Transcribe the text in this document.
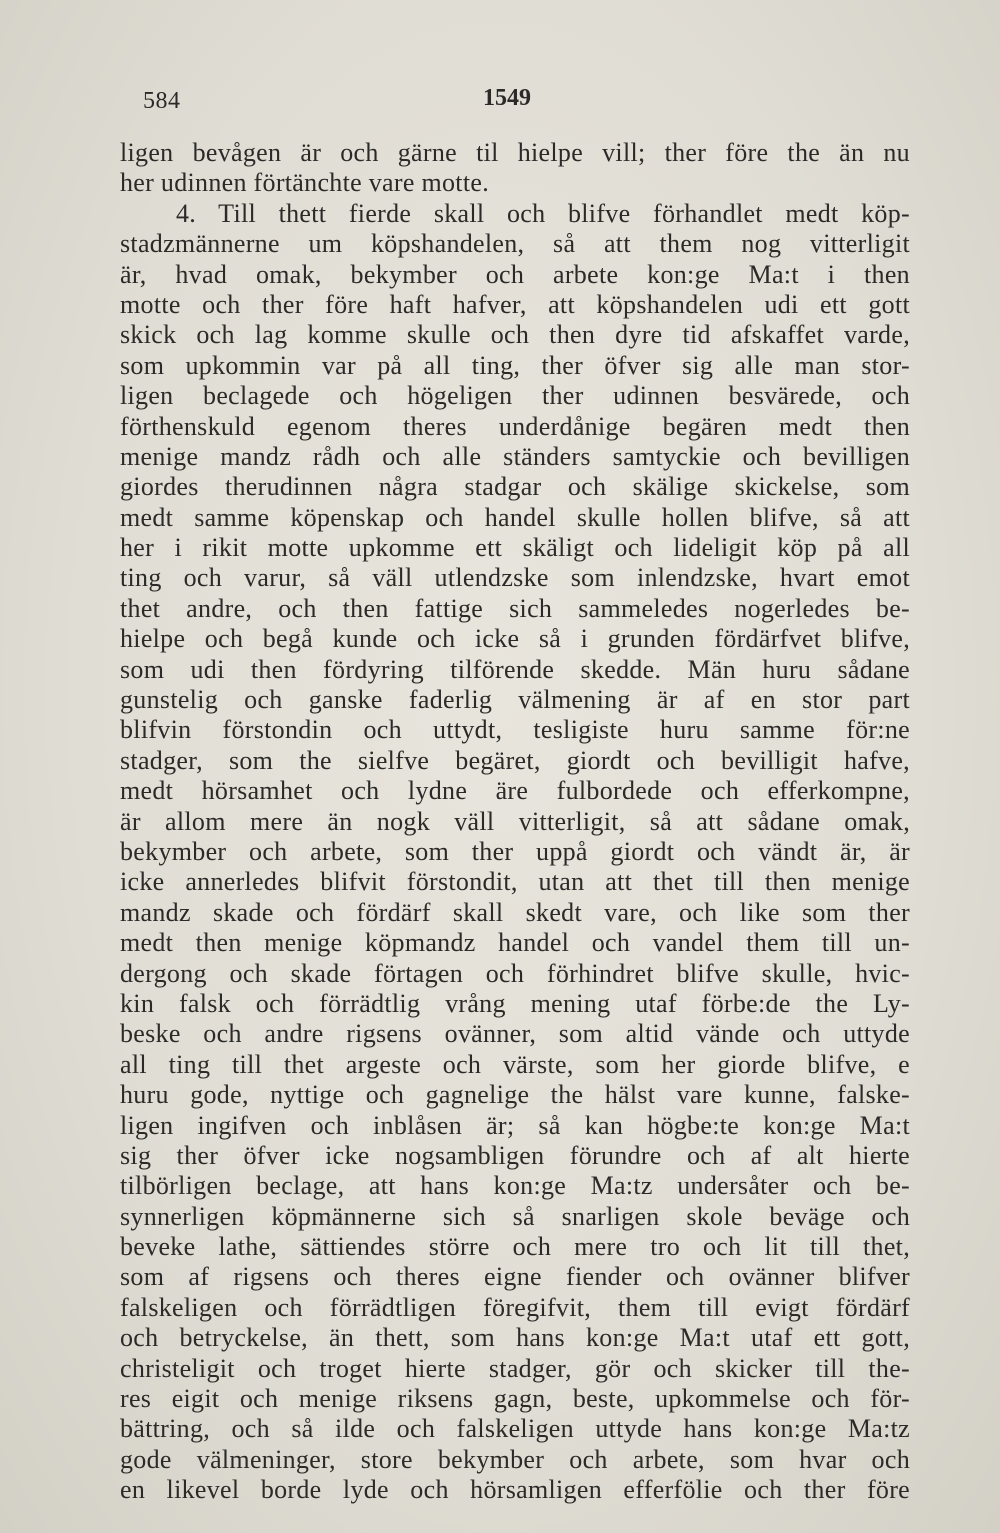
584	1549
ligen bevågen är och gärne til hielpe vill; ther före the än nu
her udinnen förtänchte vare motte.
4. Till thett fierde skall och blifve förhandlet medt köp-
stadzmännerne um köpshandelen, så att them nog vitterligit
är, hvad omak, bekymber och arbete kon:ge Ma:t i then
motte och ther före haft hafver, att köpshandelen udi ett gott
skick och lag komme skulle och then dyre tid afskaffet varde,
som upkommin var på all ting, ther öfver sig alle man stor-
ligen beclagede och högeligen ther udinnen besvärede, och
förthenskuld egenom theres underdånige begären medt then
menige mandz rådh och alle ständers samtyckie och bevilligen
giordes therudinnen några stadgar och skälige skickelse, som
medt samme köpenskap och handel skulle hollen blifve, så att
her i rikit motte upkomme ett skäligt och lideligit köp på all
ting och varur, så väll utlendzske som inlendzske, hvart emot
thet andre, och then fattige sich sammeledes nogerledes be-
hielpe och begå kunde och icke så i grunden fördärfvet blifve,
som udi then fördyring tilförende skedde. Män huru sådane
gunstelig och ganske faderlig välmening är af en stor part
blifvin förstondin och uttydt, tesligiste huru samme för:ne
stadger, som the sielfve begäret, giordt och bevilligit hafve,
medt hörsamhet och lydne äre fulbordede och efferkompne,
är allom mere än nogk väll vitterligit, så att sådane omak,
bekymber och arbete, som ther uppå giordt och vändt är, är
icke annerledes blifvit förstondit, utan att thet till then menige
mandz skade och fördärf skall skedt vare, och like som ther
medt then menige köpmandz handel och vandel them till un-
dergong och skade förtagen och förhindret blifve skulle, hvic-
kin falsk och förrädtlig vrång mening utaf förbe:de the Ly-
beske och andre rigsens ovänner, som altid vände och uttyde
all ting till thet argeste och värste, som her giorde blifve, e
huru gode, nyttige och gagnelige the hälst vare kunne, falske-
ligen ingifven och inblåsen är; så kan högbe:te kon:ge Ma:t
sig ther öfver icke nogsambligen förundre och af alt hierte
tilbörligen beclage, att hans kon:ge Ma:tz undersåter och be-
synnerligen köpmännerne sich så snarligen skole beväge och
beveke lathe, sättiendes större och mere tro och lit till thet,
som af rigsens och theres eigne fiender och ovänner blifver
falskeligen och förrädtligen föregifvit, them till evigt fördärf
och betryckelse, än thett, som hans kon:ge Ma:t utaf ett gott,
christeligit och troget hierte stadger, gör och skicker till the-
res eigit och menige riksens gagn, beste, upkommelse och för-
bättring, och så ilde och falskeligen uttyde hans kon:ge Ma:tz
gode välmeninger, store bekymber och arbete, som hvar och
en likevel borde lyde och hörsamligen efferfölie och ther före
